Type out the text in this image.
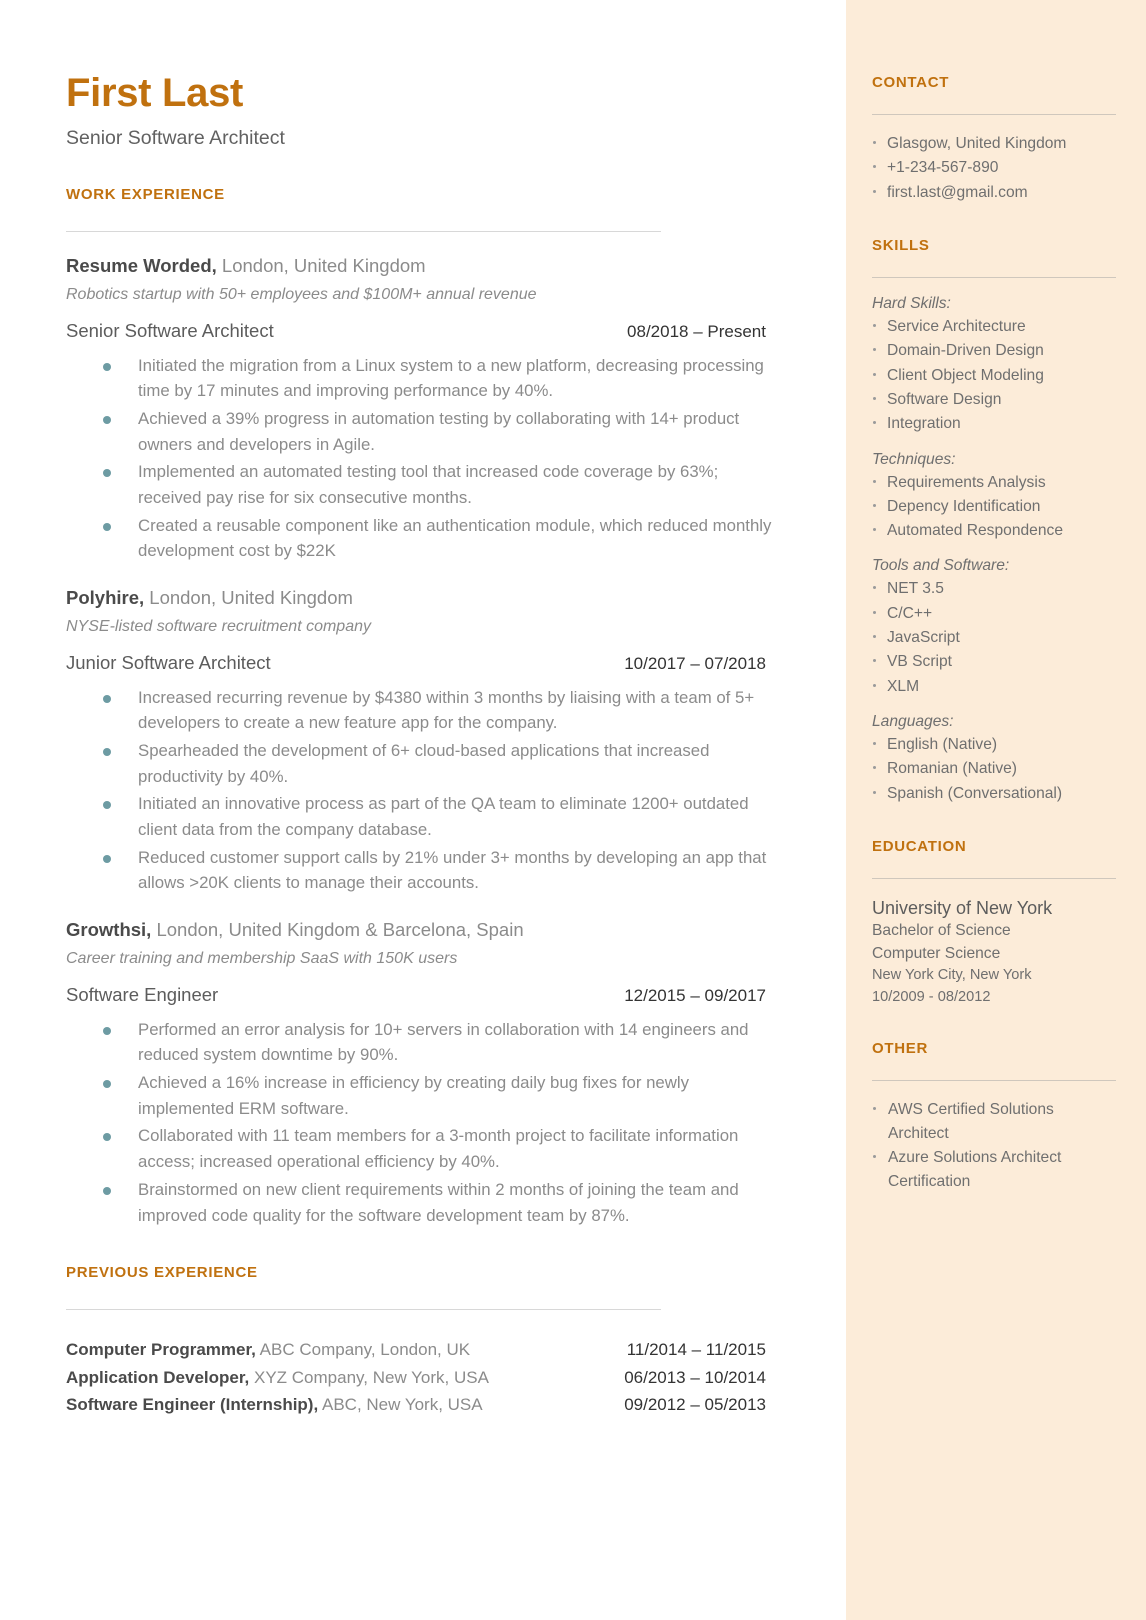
First Last
Senior Software Architect
WORK EXPERIENCE
Resume Worded, London, United Kingdom
Robotics startup with 50+ employees and $100M+ annual revenue
Senior Software Architect	08/2018 – Present
Initiated the migration from a Linux system to a new platform, decreasing processing time by 17 minutes and improving performance by 40%.
Achieved a 39% progress in automation testing by collaborating with 14+ product owners and developers in Agile.
Implemented an automated testing tool that increased code coverage by 63%; received pay rise for six consecutive months.
Created a reusable component like an authentication module, which reduced monthly development cost by $22K
Polyhire, London, United Kingdom
NYSE-listed software recruitment company
Junior Software Architect	10/2017 – 07/2018
Increased recurring revenue by $4380 within 3 months by liaising with a team of 5+ developers to create a new feature app for the company.
Spearheaded the development of 6+ cloud-based applications that increased productivity by 40%.
Initiated an innovative process as part of the QA team to eliminate 1200+ outdated client data from the company database.
Reduced customer support calls by 21% under 3+ months by developing an app that allows >20K clients to manage their accounts.
Growthsi, London, United Kingdom & Barcelona, Spain
Career training and membership SaaS with 150K users
Software Engineer	12/2015 – 09/2017
Performed an error analysis for 10+ servers in collaboration with 14 engineers and reduced system downtime by 90%.
Achieved a 16% increase in efficiency by creating daily bug fixes for newly implemented ERM software.
Collaborated with 11 team members for a 3-month project to facilitate information access; increased operational efficiency by 40%.
Brainstormed on new client requirements within 2 months of joining the team and improved code quality for the software development team by 87%.
PREVIOUS EXPERIENCE
Computer Programmer, ABC Company, London, UK	11/2014 – 11/2015
Application Developer, XYZ Company, New York, USA	06/2013 – 10/2014
Software Engineer (Internship), ABC, New York, USA	09/2012 – 05/2013
CONTACT
Glasgow, United Kingdom
+1-234-567-890
first.last@gmail.com
SKILLS
Hard Skills:
Service Architecture
Domain-Driven Design
Client Object Modeling
Software Design
Integration
Techniques:
Requirements Analysis
Depency Identification
Automated Respondence
Tools and Software:
NET 3.5
C/C++
JavaScript
VB Script
XLM
Languages:
English (Native)
Romanian (Native)
Spanish (Conversational)
EDUCATION
University of New York
Bachelor of Science
Computer Science
New York City, New York
10/2009 - 08/2012
OTHER
AWS Certified Solutions Architect
Azure Solutions Architect Certification
